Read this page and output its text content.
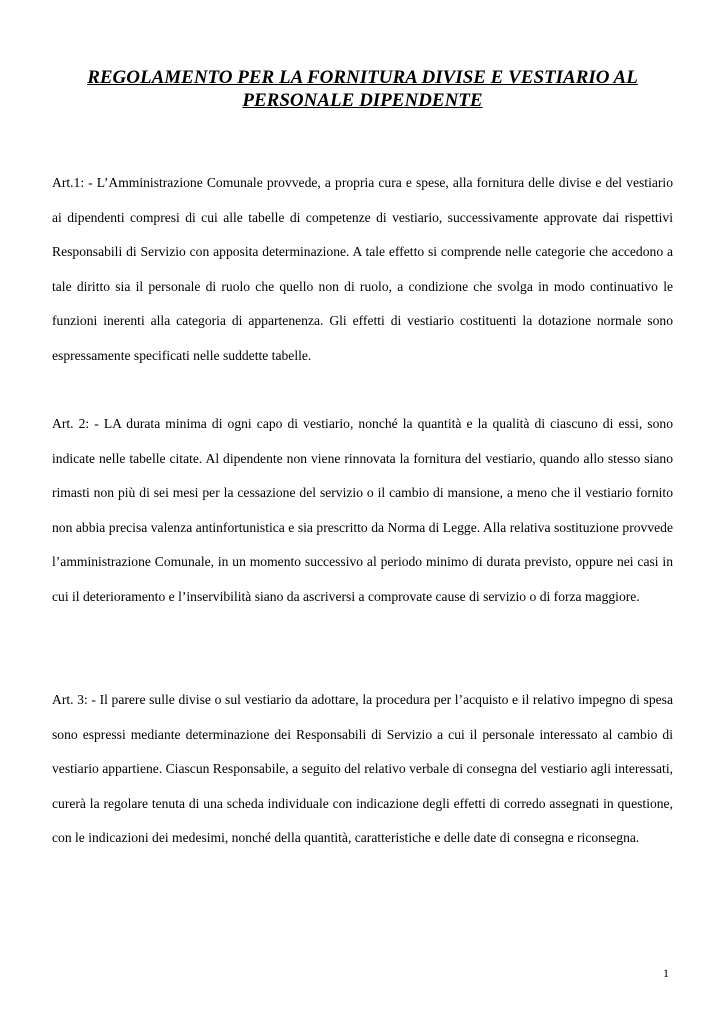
REGOLAMENTO PER LA FORNITURA DIVISE E VESTIARIO AL PERSONALE DIPENDENTE

Art.1: - L’Amministrazione Comunale provvede, a propria cura e spese, alla fornitura delle divise e del vestiario ai dipendenti compresi di cui alle tabelle di competenze di vestiario, successivamente approvate dai rispettivi Responsabili di Servizio con apposita determinazione. A tale effetto si comprende nelle categorie che accedono a tale diritto sia il personale di ruolo che quello non di ruolo, a condizione che svolga in modo continuativo le funzioni inerenti alla categoria di appartenenza. Gli effetti di vestiario costituenti la dotazione normale sono espressamente specificati nelle suddette tabelle.

Art. 2: - LA durata minima di ogni capo di vestiario, nonché la quantità e la qualità di ciascuno di essi, sono indicate nelle tabelle citate. Al dipendente non viene rinnovata la fornitura del vestiario, quando allo stesso siano rimasti non più di sei mesi per la cessazione del servizio o il cambio di mansione, a meno che il vestiario fornito non abbia precisa valenza antinfortunistica e sia prescritto da Norma di Legge. Alla relativa sostituzione provvede l’amministrazione Comunale, in un momento successivo al periodo minimo di durata previsto, oppure nei casi in cui il deterioramento e l’inservibilità siano da ascriversi a comprovate cause di servizio o di forza maggiore.

Art. 3: - Il parere sulle divise o sul vestiario da adottare, la procedura per l’acquisto e il relativo impegno di spesa sono espressi mediante determinazione dei Responsabili di Servizio a cui il personale interessato al cambio di vestiario appartiene. Ciascun Responsabile, a seguito del relativo verbale di consegna del vestiario agli interessati, curerà la regolare tenuta di una scheda individuale con indicazione degli effetti di corredo assegnati in questione, con le indicazioni dei medesimi, nonché della quantità, caratteristiche e delle date di consegna e riconsegna.

1
